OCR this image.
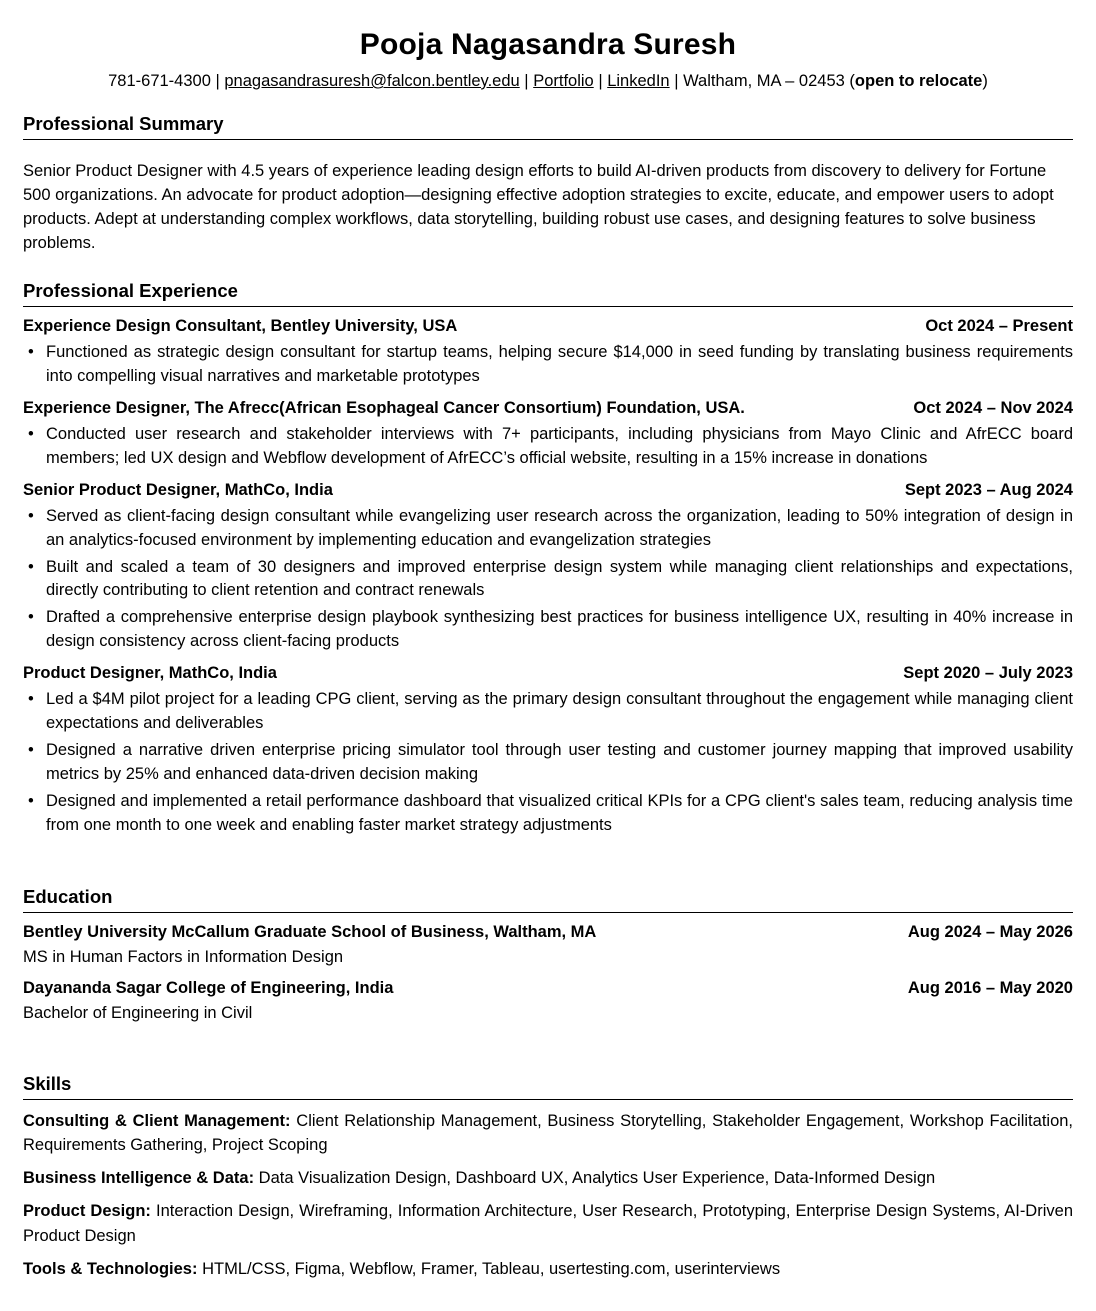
Pooja Nagasandra Suresh
781-671-4300 | pnagasandrasuresh@falcon.bentley.edu | Portfolio | LinkedIn | Waltham, MA – 02453 (open to relocate)
Professional Summary

Senior Product Designer with 4.5 years of experience leading design efforts to build AI-driven products from discovery to delivery for Fortune 500 organizations. An advocate for product adoption—designing effective adoption strategies to excite, educate, and empower users to adopt products. Adept at understanding complex workflows, data storytelling, building robust use cases, and designing features to solve business problems.

Professional Experience
Experience Design Consultant, Bentley University, USA	Oct 2024 – Present
• Functioned as strategic design consultant for startup teams, helping secure $14,000 in seed funding by translating business requirements into compelling visual narratives and marketable prototypes
Experience Designer, The Afrecc(African Esophageal Cancer Consortium) Foundation, USA.	Oct 2024 – Nov 2024
• Conducted user research and stakeholder interviews with 7+ participants, including physicians from Mayo Clinic and AfrECC board members; led UX design and Webflow development of AfrECC’s official website, resulting in a 15% increase in donations
Senior Product Designer, MathCo, India	Sept 2023 – Aug 2024
• Served as client-facing design consultant while evangelizing user research across the organization, leading to 50% integration of design in an analytics-focused environment by implementing education and evangelization strategies
• Built and scaled a team of 30 designers and improved enterprise design system while managing client relationships and expectations, directly contributing to client retention and contract renewals
• Drafted a comprehensive enterprise design playbook synthesizing best practices for business intelligence UX, resulting in 40% increase in design consistency across client-facing products
Product Designer, MathCo, India	Sept 2020 – July 2023
• Led a $4M pilot project for a leading CPG client, serving as the primary design consultant throughout the engagement while managing client expectations and deliverables
• Designed a narrative driven enterprise pricing simulator tool through user testing and customer journey mapping that improved usability metrics by 25% and enhanced data-driven decision making
• Designed and implemented a retail performance dashboard that visualized critical KPIs for a CPG client's sales team, reducing analysis time from one month to one week and enabling faster market strategy adjustments
Education
Bentley University McCallum Graduate School of Business, Waltham, MA	Aug 2024 – May 2026
MS in Human Factors in Information Design
Dayananda Sagar College of Engineering, India	Aug 2016 – May 2020
Bachelor of Engineering in Civil
Skills

Consulting & Client Management: Client Relationship Management, Business Storytelling, Stakeholder Engagement, Workshop Facilitation, Requirements Gathering, Project Scoping

Business Intelligence & Data: Data Visualization Design, Dashboard UX, Analytics User Experience, Data-Informed Design

Product Design: Interaction Design, Wireframing, Information Architecture, User Research, Prototyping, Enterprise Design Systems, AI-Driven Product Design

Tools & Technologies: HTML/CSS, Figma, Webflow, Framer, Tableau, usertesting.com, userinterviews
